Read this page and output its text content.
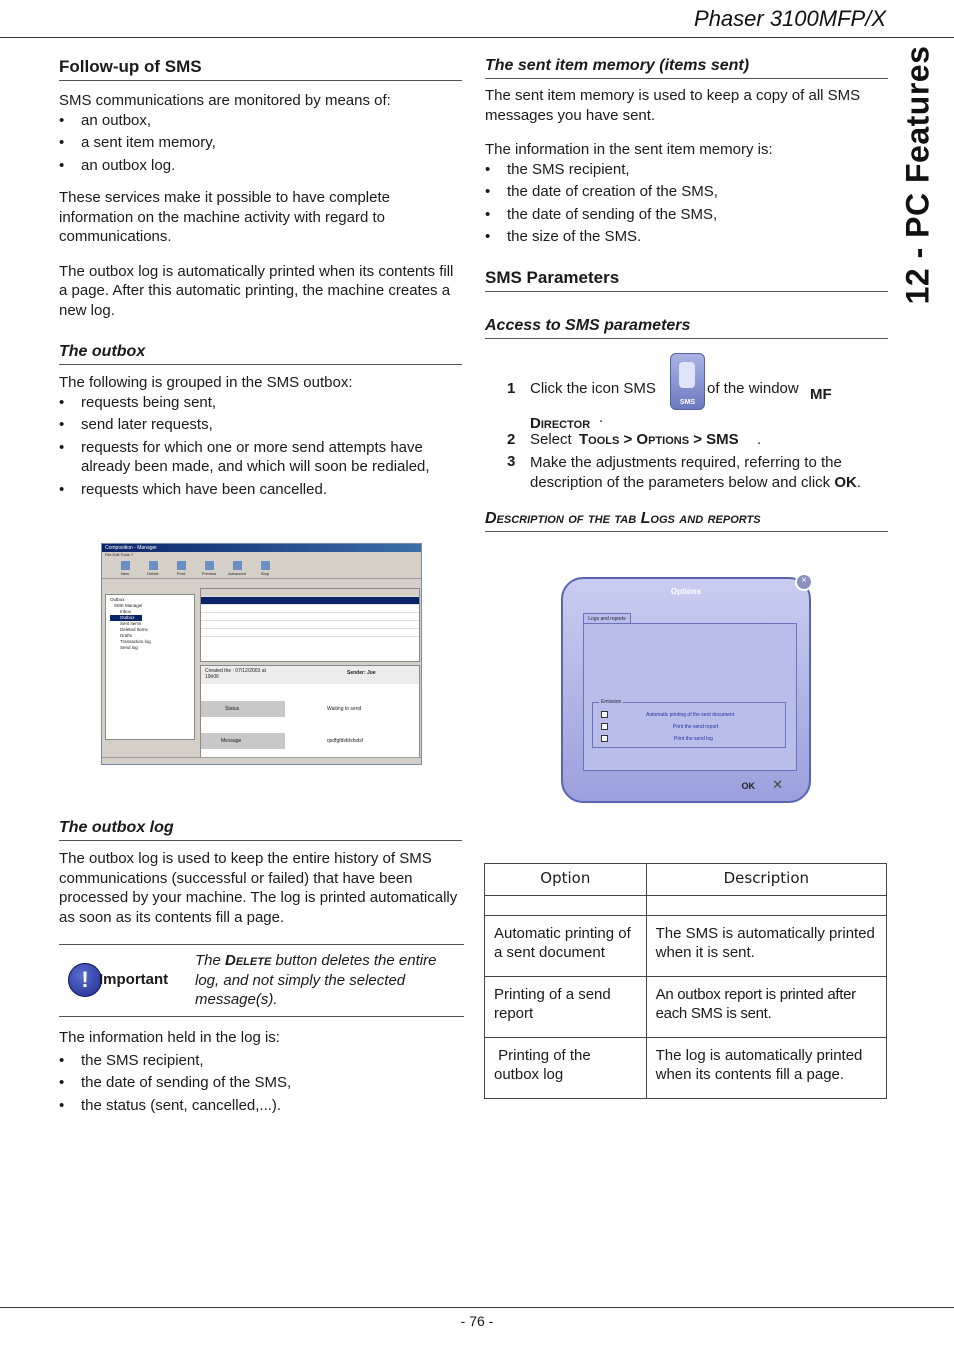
Phaser 3100MFP/X
12 - PC Features
- 76 -
Follow-up of SMS

SMS communications are monitored by means of:

• an outbox,
• a sent item memory,
• an outbox log.

These services make it possible to have complete information on the machine activity with regard to communications.

The outbox log is automatically printed when its contents fill a page. After this automatic printing, the machine creates a new log.

The outbox

The following is grouped in the SMS outbox:

• requests being sent,
• send later requests,
• requests for which one or more send attempts have already been made, and which will soon be redialed,
• requests which have been cancelled.
Composition - Manager
File Edit Tools ?
New	Delete	Print	Preview	Advanced	Stop
Outbox
SMS Manager
Inbox
Outbox
Sent items
Deleted Items
Drafts
Transaction log
Send log
Created the : 07/12/2003 at 19h06
Sender: Joe
Status	Waiting to send
Message	qsdfgfdsfdsfsdsf
The outbox log

The outbox log is used to keep the entire history of SMS communications (successful or failed) that have been processed by your machine. The log is printed automatically as soon as its contents fill a page.

! Important
The Delete button deletes the entire log, and not simply the selected message(s).

The information held in the log is:

• the SMS recipient,
• the date of sending of the SMS,
• the status (sent, cancelled,...).
The sent item memory (items sent)

The sent item memory is used to keep a copy of all SMS messages you have sent.

The information in the sent item memory is:

• the SMS recipient,
• the date of creation of the SMS,
• the date of sending of the SMS,
• the size of the SMS.
SMS Parameters
Access to SMS parameters
1 Click the icon SMS
SMS
of the window MF Director .
2 Select Tools > Options > SMS .
3 Make the adjustments required, referring to the description of the parameters below and click OK.
Description of the tab Logs and reports
×
Options
Logs and reports
Emission
Automatic printing of the sent document
Print the send report
Print the send log
OK ✕
Option	Description

Automatic printing of a sent document	The SMS is automatically printed when it is sent.
Printing of a send report	An outbox report is printed after each SMS is sent.
Printing of the outbox log	The log is automatically printed when its contents fill a page.
